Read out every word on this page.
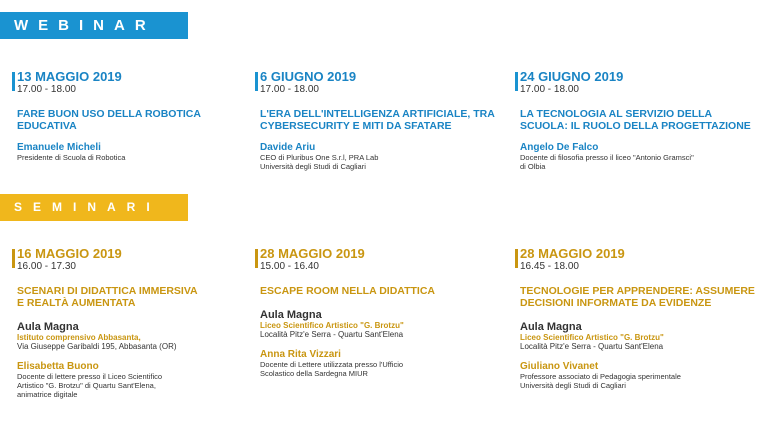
WEBINAR
13 MAGGIO 2019
17.00 - 18.00
FARE BUON USO DELLA ROBOTICA
EDUCATIVA
Emanuele Micheli
Presidente di Scuola di Robotica
6 GIUGNO 2019
17.00 - 18.00
L'ERA DELL'INTELLIGENZA ARTIFICIALE, TRA
CYBERSECURITY E MITI DA SFATARE
Davide Ariu
CEO di Pluribus One S.r.l, PRA Lab
Università degli Studi di Cagliari
24 GIUGNO 2019
17.00 - 18.00
LA TECNOLOGIA AL SERVIZIO DELLA
SCUOLA: IL RUOLO DELLA PROGETTAZIONE
Angelo De Falco
Docente di filosofia presso il liceo "Antonio Gramsci"
di Olbia
SEMINARI
16 MAGGIO 2019
16.00 - 17.30
SCENARI DI DIDATTICA IMMERSIVA
E REALTÀ AUMENTATA
Aula Magna
Istituto comprensivo Abbasanta,
Via Giuseppe Garibaldi 195, Abbasanta (OR)
Elisabetta Buono
Docente di lettere presso il Liceo Scientifico
Artistico "G. Brotzu" di Quartu Sant'Elena,
animatrice digitale
28 MAGGIO 2019
15.00 - 16.40
ESCAPE ROOM NELLA DIDATTICA
Aula Magna
Liceo Scientifico Artistico "G. Brotzu"
Località Pitz'e Serra - Quartu Sant'Elena
Anna Rita Vizzari
Docente di Lettere utilizzata presso l'Ufficio
Scolastico della Sardegna MIUR
28 MAGGIO 2019
16.45 - 18.00
TECNOLOGIE PER APPRENDERE: ASSUMERE
DECISIONI INFORMATE DA EVIDENZE
Aula Magna
Liceo Scientifico Artistico "G. Brotzu"
Località Pitz'e Serra - Quartu Sant'Elena
Giuliano Vivanet
Professore associato di Pedagogia sperimentale
Università degli Studi di Cagliari
